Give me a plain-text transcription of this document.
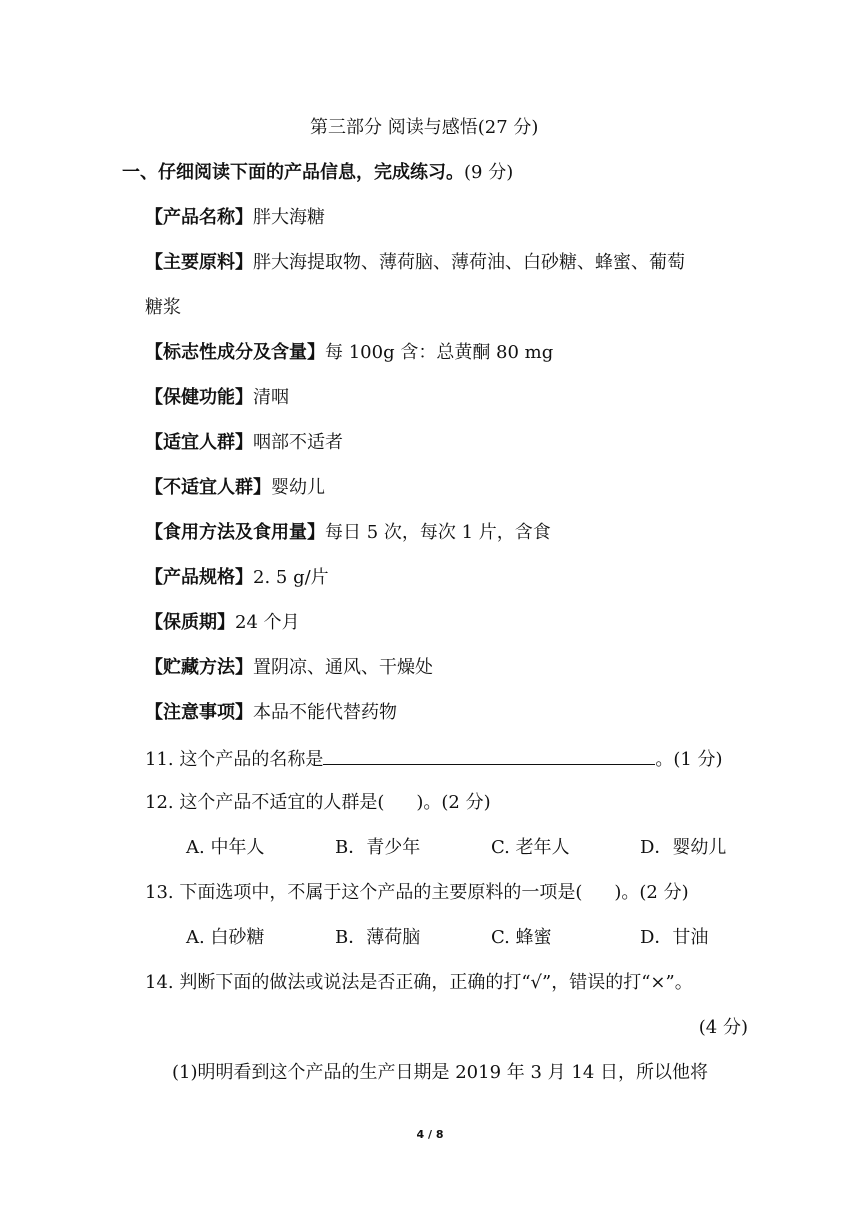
第三部分 阅读与感悟(27 分)
一、仔细阅读下面的产品信息，完成练习。(9 分)
【产品名称】胖大海糖
【主要原料】胖大海提取物、薄荷脑、薄荷油、白砂糖、蜂蜜、葡萄
糖浆
【标志性成分及含量】每 100g 含：总黄酮 80 mg
【保健功能】清咽
【适宜人群】咽部不适者
【不适宜人群】婴幼儿
【食用方法及食用量】每日 5 次，每次 1 片，含食
【产品规格】2. 5 g/片
【保质期】24 个月
【贮藏方法】置阴凉、通风、干燥处
【注意事项】本品不能代替药物
11. 这个产品的名称是	。(1 分)
12. 这个产品不适宜的人群是( )。(2 分)
A. 中年人	B．青少年	C. 老年人	D．婴幼儿
13. 下面选项中，不属于这个产品的主要原料的一项是( )。(2 分)
A. 白砂糖	B．薄荷脑	C. 蜂蜜	D．甘油
14. 判断下面的做法或说法是否正确，正确的打“√”，错误的打“×”。
(4 分)
(1)明明看到这个产品的生产日期是 2019 年 3 月 14 日，所以他将
4 / 8
